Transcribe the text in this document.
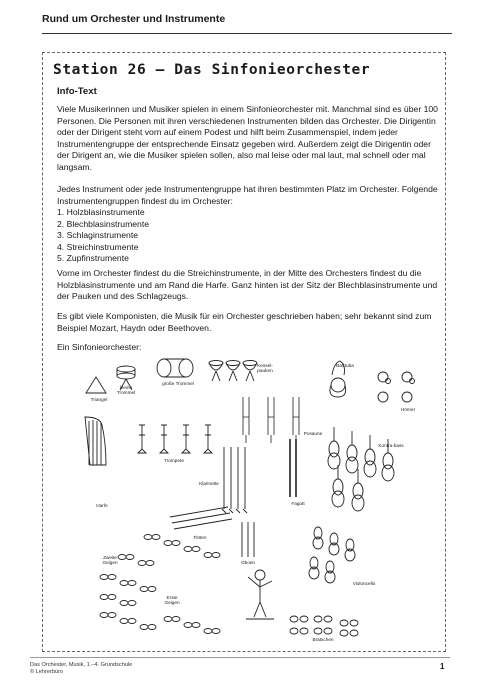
Rund um Orchester und Instrumente
Station 26 – Das Sinfonieorchester
Info-Text

Viele Musikerinnen und Musiker spielen in einem Sinfonieorchester mit. Manchmal sind es über 100 Personen. Die Personen mit ihren verschiedenen Instrumenten bilden das Orchester. Die Dirigentin oder der Dirigent steht vorn auf einem Podest und hilft beim Zusammenspiel, indem jeder Instrumentengruppe der entsprechende Einsatz gegeben wird. Außerdem zeigt die Dirigentin oder der Dirigent an, wie die Musiker spielen sollen, also mal leise oder mal laut, mal schnell oder mal langsam.

Jedes Instrument oder jede Instrumentengruppe hat ihren bestimmten Platz im Orchester. Folgende Instrumentengruppen findest du im Orchester:

1. Holzblasinstrumente
2. Blechblasinstrumente
3. Schlaginstrumente
4. Streichinstrumente
5. Zupfinstrumente

Vorne im Orchester findest du die Streichinstrumente, in der Mitte des Orchesters findest du die Holzblasinstrumente und am Rand die Harfe. Ganz hinten ist der Sitz der Blechblasinstrumente und der Pauken und des Schlagzeugs.

Es gibt viele Komponisten, die Musik für ein Orchester geschrieben haben; sehr bekannt sind zum Beispiel Mozart, Haydn oder Beethoven.

Ein Sinfonieorchester:

Triangel
kleine Trommel
große Trommel
Kessel-pauken
Baßtuba
Hörner
Posaune
Trompete
Kontra-bass
Klarinette
Fagott
Harfe
Flöten
Oboen
Zweite Geigen
Erste Geigen
Violoncello
Bratschen
Das Orchester, Musik, 1.–4. Grundschule
© Lehrerbüro
1
